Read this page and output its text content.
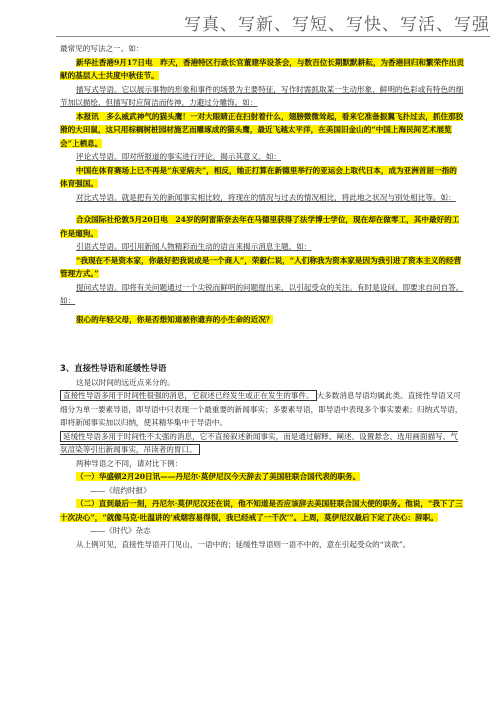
写真、写新、写短、写快、写活、写强

最常见的写法之一。如：

新华社香港9月17日电　昨天，香港特区行政长官董建华设茶会，与数百位长期默默耕耘，为香港回归和繁荣作出贡献的基层人士共度中秋佳节。

描写式导语。它以展示事物的形象和事件的场景为主要特征，写作时需抓取某一生动形象、鲜明的色彩或有特色的细节加以描绘，但描写时应简洁而传神，力避过分雕饰。如：

本报讯　多么威武神气的猫头鹰！一对大眼睛正在扫射着什么，翅膀微微耸起，看来它准备振翼飞扑过去，抓住那狡猾的大田鼠，这只用棕榈树桩园材施艺而雕琢成的猫头鹰，最近飞越太平洋，在美国旧金山的“中国上海民间艺术展览会”上栖息。

评论式导语。即对所报道的事实进行评论，揭示其意义。如：

中国在体育赛场上已不再是“东亚病夫”，相反，她正打算在新德里举行的亚运会上取代日本，成为亚洲首屈一指的体育强国。

对比式导语。就是把有关的新闻事实相比较，将现在的情况与过去的情况相比，将此地之状况与别处相比等。如：

合众国际社伦敦5月20日电　24岁的阿雷斯奈去年在马德里获得了法学博士学位，现在却在做零工，其中最好的工作是遛狗。

引语式导语。即引用新闻人物精彩而生动的语言来揭示消息主题。如：

“我现在不是资本家，你最好把我说成是一个商人”，荣毅仁说，“人们称我为资本家是因为我引进了资本主义的经营管理方式。”

提问式导语。即将有关问题通过一个尖锐而鲜明的问题提出来，以引起受众的关注。有时是设问，即要求自问自答。如：

狠心的年轻父母，你是否想知道被你遗弃的小生命的近况？

3、直接性导语和延缓性导语

这是以时间的远近点来分的。

直接性导语多用于时间性很强的消息，它叙述已经发生或正在发生的事件。 大多数消息导语均属此类。直接性导语又可细分为单一要素导语，即导语中只表现一个最重要的新闻事实；多要素导语，即导语中表现多个事实要素；归纳式导语，即将新闻事实加以归纳，使其精华集中于导语中。

延缓性导语多用于时间性不太强的消息，它不直接叙述新闻事实，而是通过解释、阐述、设置悬念、选用画面描写、气氛渲染等引出新闻事实，吊读者的胃口。

两种导语之不同，请对比下例：

（一）华盛顿2月20日讯——丹尼尔·莫伊尼汉今天辞去了美国驻联合国代表的职务。

——《纽约时报》

（二）直到最后一刻，丹尼尔·莫伊尼汉还在说，他不知道是否应该辞去美国驻联合国大使的职务。他说，“我下了三十次决心”，“就像马克·吐温讲的‘戒烟容易得很，我已经戒了一千次’”。上周，莫伊尼汉最后下定了决心：辞职。

——《时代》杂志

从上例可见，直接性导语开门见山，一语中的；延缓性导语则一语不中的，意在引起受众的“谈欲”。
